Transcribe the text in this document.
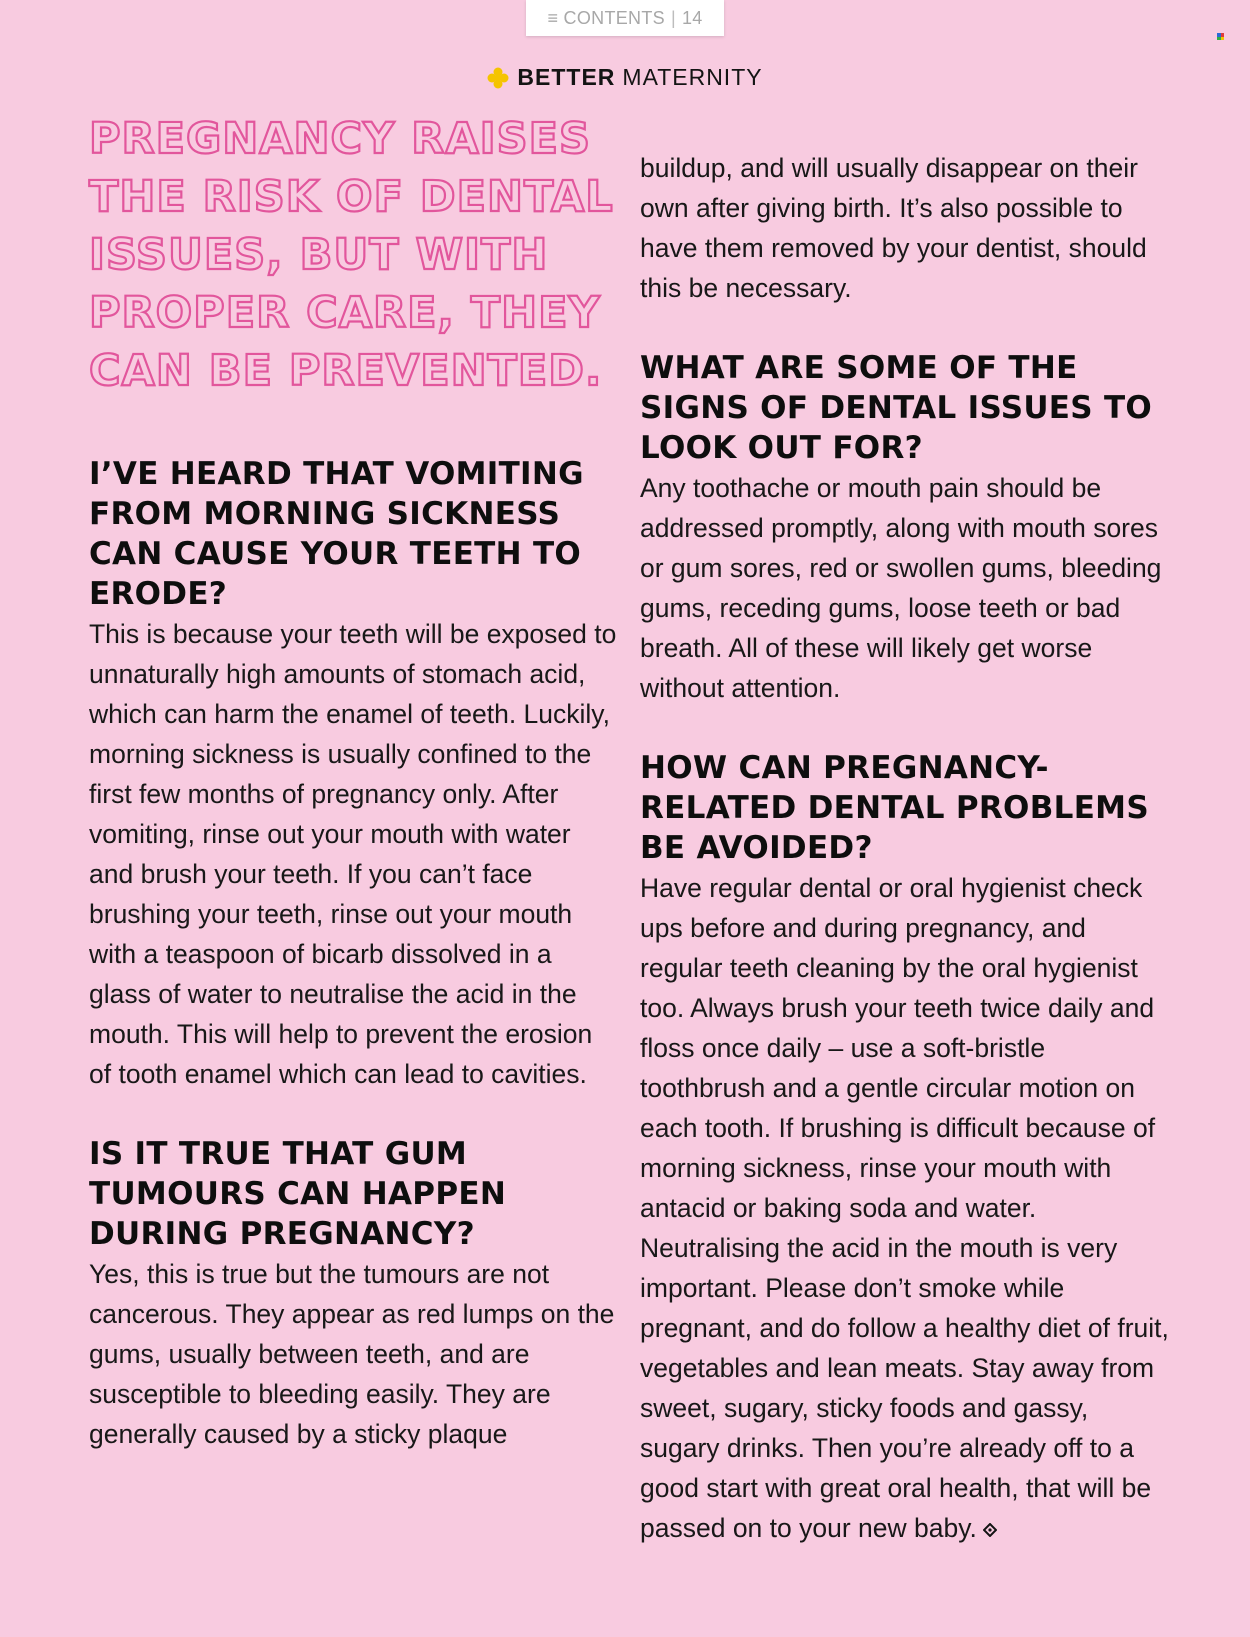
≡ CONTENTS | 14
BETTER MATERNITY

PREGNANCY RAISES THE RISK OF DENTAL ISSUES, BUT WITH PROPER CARE, THEY CAN BE PREVENTED.

I’VE HEARD THAT VOMITING FROM MORNING SICKNESS CAN CAUSE YOUR TEETH TO ERODE?

This is because your teeth will be exposed to unnaturally high amounts of stomach acid, which can harm the enamel of teeth. Luckily, morning sickness is usually confined to the first few months of pregnancy only. After vomiting, rinse out your mouth with water and brush your teeth. If you can’t face brushing your teeth, rinse out your mouth with a teaspoon of bicarb dissolved in a glass of water to neutralise the acid in the mouth. This will help to prevent the erosion of tooth enamel which can lead to cavities.

IS IT TRUE THAT GUM TUMOURS CAN HAPPEN DURING PREGNANCY?

Yes, this is true but the tumours are not cancerous. They appear as red lumps on the gums, usually between teeth, and are susceptible to bleeding easily. They are generally caused by a sticky plaque

buildup, and will usually disappear on their own after giving birth. It’s also possible to have them removed by your dentist, should this be necessary.

WHAT ARE SOME OF THE SIGNS OF DENTAL ISSUES TO LOOK OUT FOR?

Any toothache or mouth pain should be addressed promptly, along with mouth sores or gum sores, red or swollen gums, bleeding gums, receding gums, loose teeth or bad breath. All of these will likely get worse without attention.

HOW CAN PREGNANCY-RELATED DENTAL PROBLEMS BE AVOIDED?

Have regular dental or oral hygienist check ups before and during pregnancy, and regular teeth cleaning by the oral hygienist too. Always brush your teeth twice daily and floss once daily – use a soft-bristle toothbrush and a gentle circular motion on each tooth. If brushing is difficult because of morning sickness, rinse your mouth with antacid or baking soda and water. Neutralising the acid in the mouth is very important. Please don’t smoke while pregnant, and do follow a healthy diet of fruit, vegetables and lean meats. Stay away from sweet, sugary, sticky foods and gassy, sugary drinks. Then you’re already off to a good start with great oral health, that will be passed on to your new baby.
